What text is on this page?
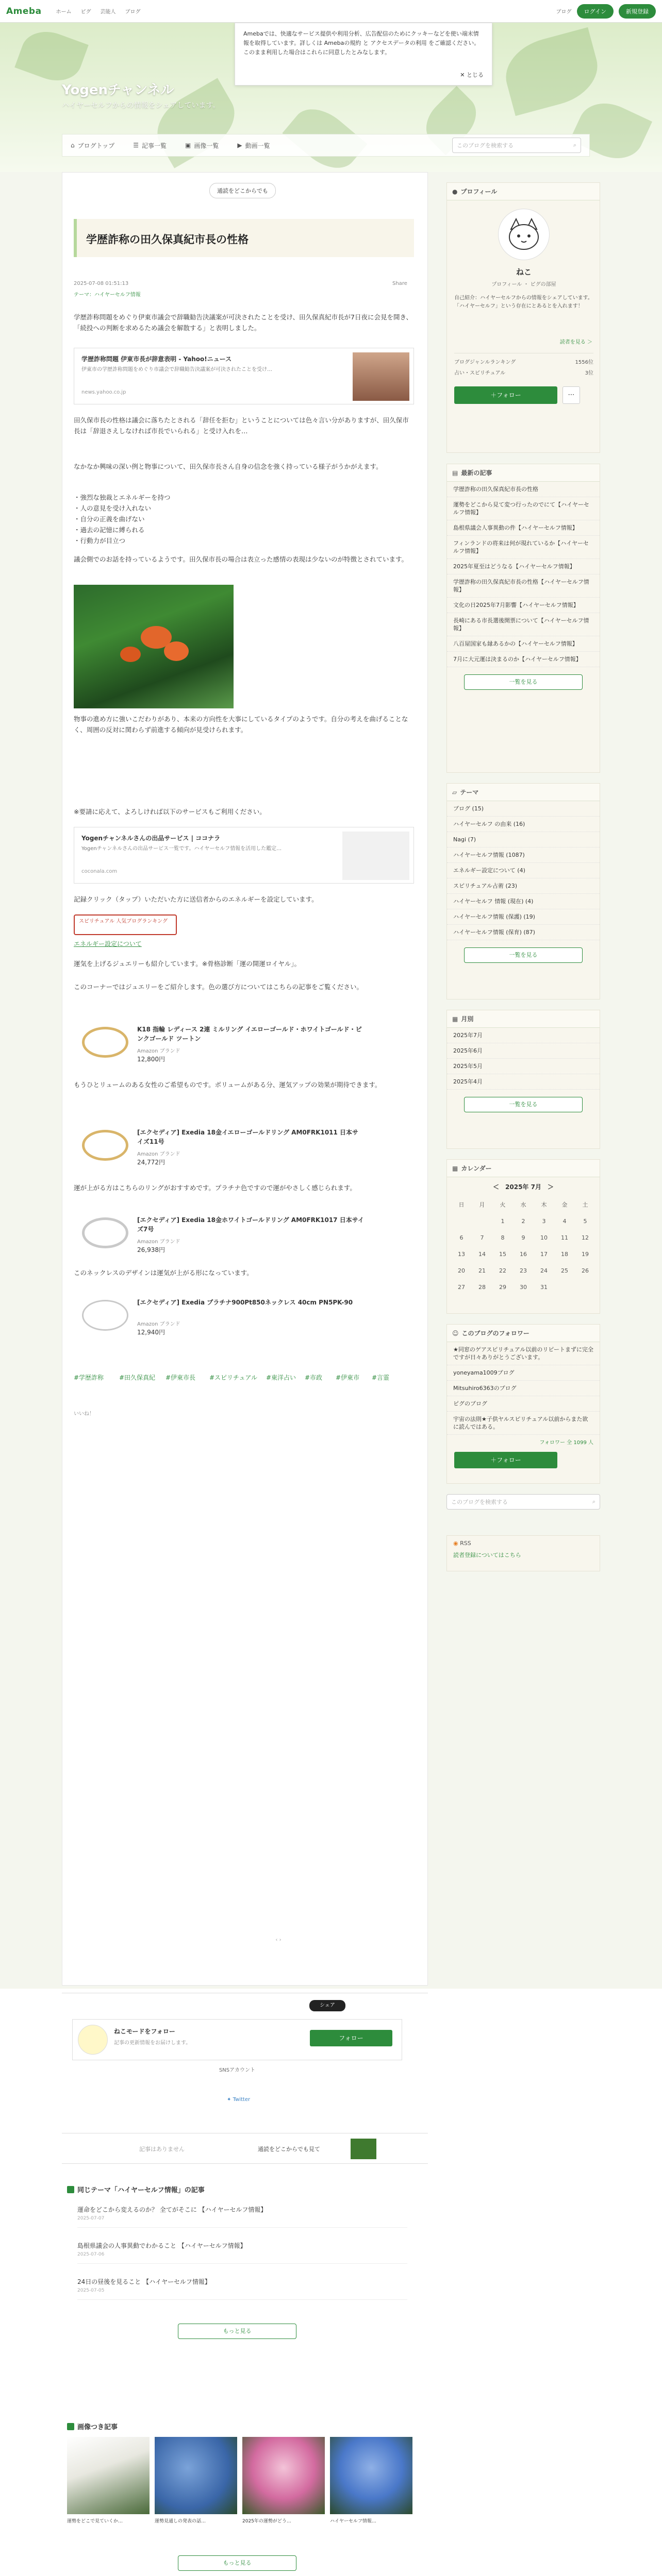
Ameba	ホーム ピグ 芸能人 ブログ	ブログ	ログイン	新規登録
Yogenチャンネル
ハイヤーセルフからの情報をシェアしています。
Amebaでは、快適なサービス提供や利用分析、広告配信のためにクッキーなどを使い端末情報を取得しています。詳しくは Amebaの規約 と アクセスデータの利用 をご確認ください。このまま利用した場合はこれらに同意したとみなします。
✕ とじる
⌂ ブログトップ	☰ 記事一覧	▣ 画像一覧	▶ 動画一覧	このブログを検索する	⌕
通読をどこからでも
学歴詐称の田久保真紀市長の性格
2025-07-08 01:51:13
テーマ：ハイヤーセルフ情報
Share

学歴詐称問題をめぐり伊東市議会で辞職勧告決議案が可決されたことを受け、田久保真紀市長が7日夜に会見を開き、「続投への判断を求めるため議会を解散する」と表明しました。

学歴詐称問題 伊東市長が辞意表明 - Yahoo!ニュース
伊東市の学歴詐称問題をめぐり市議会で辞職勧告決議案が可決されたことを受け…
news.yahoo.co.jp

田久保市長の性格は議会に落ちたとされる「辞任を拒む」ということについては色々言い分がありますが、田久保市長は「辞退さえしなければ市長でいられる」と受け入れを…

なかなか興味の深い例と物事について、田久保市長さん自身の信念を強く持っている様子がうかがえます。

・強烈な独裁とエネルギーを持つ

・人の意見を受け入れない

・自分の正義を曲げない

・過去の記憶に縛られる

・行動力が目立つ

議会側でのお話を持っているようです。田久保市長の場合は表立った感情の表現は少ないのが特徴とされています。

物事の進め方に強いこだわりがあり、本来の方向性を大事にしているタイプのようです。自分の考えを曲げることなく、周囲の反対に関わらず前進する傾向が見受けられます。

※要請に応えて、よろしければ以下のサービスもご利用ください。

Yogenチャンネルさんの出品サービス | ココナラ
Yogenチャンネルさんの出品サービス一覧です。ハイヤーセルフ情報を活用した鑑定…
coconala.com

記録クリック（タップ）いただいた方に送信者からのエネルギーを設定しています。

スピリチュアル 人気ブログランキング
エネルギー設定について

運気を上げるジュエリーも紹介しています。※骨格診断「運の開運ロイヤル」。

このコーナーではジュエリーをご紹介します。色の選び方についてはこちらの記事をご覧ください。

K18 指輪 レディース 2連 ミルリング イエローゴールド・ホワイトゴールド・ピンクゴールド ツートン
Amazon ブランド
12,800円

もうひとリュームのある女性のご希望ものです。ボリュームがある分、運気アップの効果が期待できます。

[エクセディア] Exedia 18金イエローゴールドリング AM0FRK1011 日本サイズ11号
Amazon ブランド
24,772円

運が上がる方はこちらのリングがおすすめです。プラチナ色ですので運がやさしく感じられます。

[エクセディア] Exedia 18金ホワイトゴールドリング AM0FRK1017 日本サイズ7号
Amazon ブランド
26,938円

このネックレスのデザインは運気が上がる形になっています。

[エクセディア] Exedia プラチナ900Pt850ネックレス 40cm PN5PK-90
Amazon ブランド
12,940円
#学歴詐称 #田久保真紀 #伊東市長 #スピリチュアル #東洋占い #市政 #伊東市 #言霊
いいね！
● プロフィール
ねこ
プロフィール ・ ピグの部屋
自己紹介：ハイヤーセルフからの情報をシェアしています。「ハイヤーセルフ」という存在にとあるとを入れます！
読者を見る ＞
ブログジャンルランキング	1556位
占い・スピリチュアル	3位
＋フォロー	⋯
▤ 最新の記事
学歴詐称の田久保真紀市長の性格
運勢をどこから見て変つ行ったのでにて【ハイヤーセルフ情報】
島根県議会人事異動の件【ハイヤーセルフ情報】
フィンランドの将来は何が現れているか【ハイヤーセルフ情報】
2025年夏至はどうなる【ハイヤーセルフ情報】
学歴詐称の田久保真紀市長の性格【ハイヤーセルフ情報】
文化の日2025年7月影響【ハイヤーセルフ情報】
長崎にある市長選後開票について【ハイヤーセルフ情報】
八百屋国家も縁あるかの【ハイヤーセルフ情報】
7月に大元運は決まるのか【ハイヤーセルフ情報】
一覧を見る
▱ テーマ
ブログ (15)
ハイヤーセルフ の由来 (16)
Nagi (7)
ハイヤーセルフ情報 (1087)
エネルギー設定について (4)
スピリチュアル占術 (23)
ハイヤーセルフ 情報 (現在) (4)
ハイヤーセルフ情報 (保護) (19)
ハイヤーセルフ情報 (保育) (87)
一覧を見る
▦ 月別
2025年7月
2025年6月
2025年5月
2025年4月
一覧を見る
▦ カレンダー
＜　 2025年 7月　 ＞
日	月	火	水	木	金	土
		1	2	3	4	5
6	7	8	9	10	11	12
13	14	15	16	17	18	19
20	21	22	23	24	25	26
27	28	29	30	31		
☺ このブログのフォロワー
★同窓のゲアスピリチュアル以前のリピートまずに完全ですが日々ありがとうございます。
yoneyama1009ブログ
Mitsuhiro6363のブログ
ピグのブログ
宇宙の法則★子供ヤルスピリチュアル以前からまた欲に読んではある。
フォロワー 全 1099 人
＋フォロー
このブログを検索する	⌕
◉ RSS
読者登録についてはこちら
‹ ›
シェア
ねこモードをフォロー
記事の更新情報をお届けします。
フォロー
SNSアカウント
✦ Twitter
記事はありません	通読をどこからでも見て
同じテーマ「ハイヤーセルフ情報」の記事
運命をどこから変えるのか？ 全てがそこに 【ハイヤーセルフ情報】
2025-07-07
島根県議会の人事異動でわかること 【ハイヤーセルフ情報】
2025-07-06
24日の昼後を見ること 【ハイヤーセルフ情報】
2025-07-05
もっと見る
画像つき記事
運勢をどこで見ていくか…	運勢見通しの発表の話…	2025年の運勢がどう…	ハイヤーセルフ情報…
もっと見る
